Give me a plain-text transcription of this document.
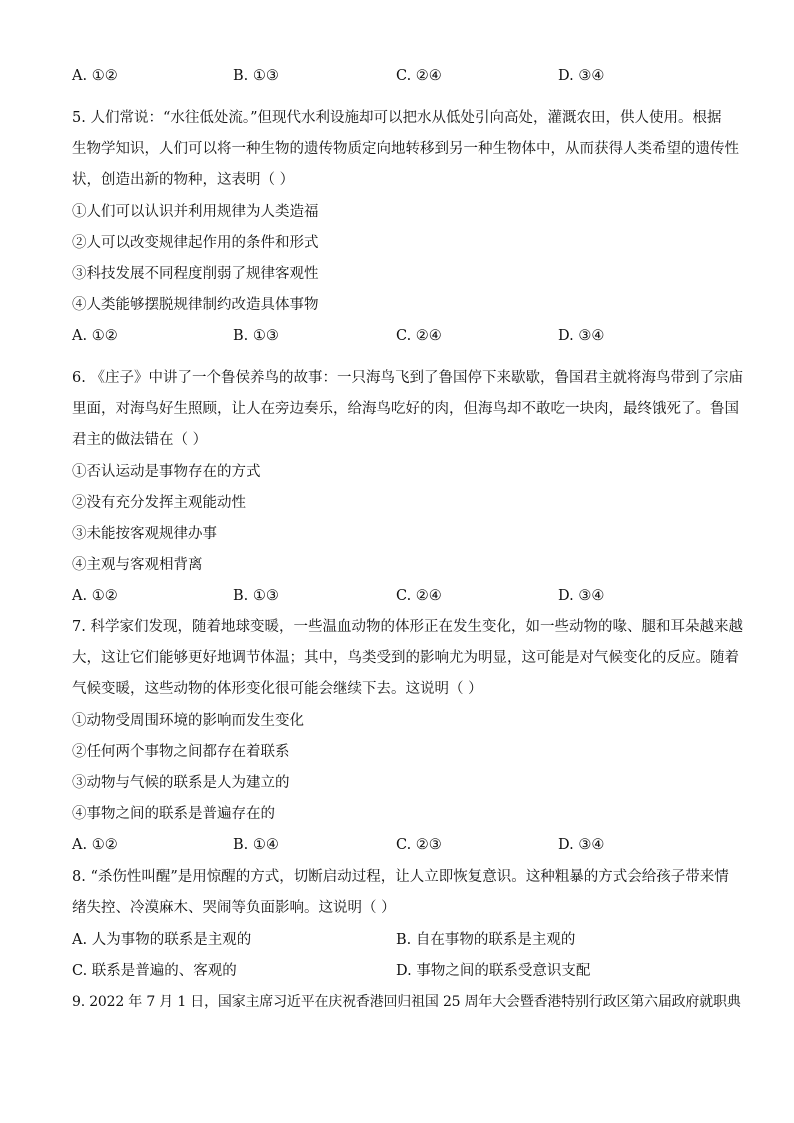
A. ①②	B. ①③	C. ②④	D. ③④
5. 人们常说：“水往低处流。”但现代水利设施却可以把水从低处引向高处，灌溉农田，供人使用。根据
生物学知识，人们可以将一种生物的遗传物质定向地转移到另一种生物体中，从而获得人类希望的遗传性
状，创造出新的物种，这表明（ ）
①人们可以认识并利用规律为人类造福
②人可以改变规律起作用的条件和形式
③科技发展不同程度削弱了规律客观性
④人类能够摆脱规律制约改造具体事物
A. ①②	B. ①③	C. ②④	D. ③④
6. 《庄子》中讲了一个鲁侯养鸟的故事：一只海鸟飞到了鲁国停下来歇歇，鲁国君主就将海鸟带到了宗庙
里面，对海鸟好生照顾，让人在旁边奏乐，给海鸟吃好的肉，但海鸟却不敢吃一块肉，最终饿死了。鲁国
君主的做法错在（ ）
①否认运动是事物存在的方式
②没有充分发挥主观能动性
③未能按客观规律办事
④主观与客观相背离
A. ①②	B. ①③	C. ②④	D. ③④
7. 科学家们发现，随着地球变暖，一些温血动物的体形正在发生变化，如一些动物的喙、腿和耳朵越来越
大，这让它们能够更好地调节体温；其中，鸟类受到的影响尤为明显，这可能是对气候变化的反应。随着
气候变暖，这些动物的体形变化很可能会继续下去。这说明（ ）
①动物受周围环境的影响而发生变化
②任何两个事物之间都存在着联系
③动物与气候的联系是人为建立的
④事物之间的联系是普遍存在的
A. ①②	B. ①④	C. ②③	D. ③④
8. “杀伤性叫醒”是用惊醒的方式，切断启动过程，让人立即恢复意识。这种粗暴的方式会给孩子带来情
绪失控、冷漠麻木、哭闹等负面影响。这说明（ ）
A. 人为事物的联系是主观的	B. 自在事物的联系是主观的
C. 联系是普遍的、客观的	D. 事物之间的联系受意识支配
9. 2022 年 7 月 1 日，国家主席习近平在庆祝香港回归祖国 25 周年大会暨香港特别行政区第六届政府就职典
